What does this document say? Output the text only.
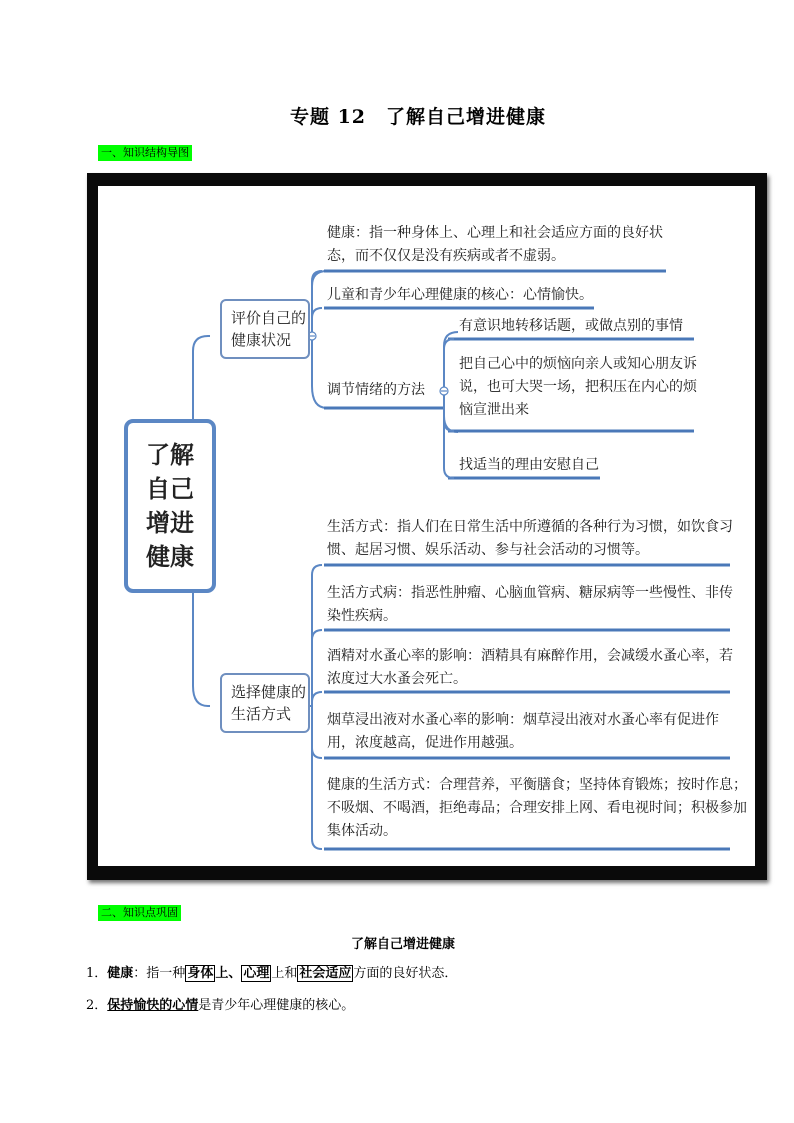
专题 12　了解自己增进健康
一、知识结构导图
了解
自己
增进
健康
评价自己的
健康状况
选择健康的
生活方式
健康：指一种身体上、心理上和社会适应方面的良好状
态，而不仅仅是没有疾病或者不虚弱。
儿童和青少年心理健康的核心：心情愉快。
调节情绪的方法
有意识地转移话题，或做点别的事情
把自己心中的烦恼向亲人或知心朋友诉
说，也可大哭一场，把积压在内心的烦
恼宣泄出来
找适当的理由安慰自己
生活方式：指人们在日常生活中所遵循的各种行为习惯，如饮食习
惯、起居习惯、娱乐活动、参与社会活动的习惯等。
生活方式病：指恶性肿瘤、心脑血管病、糖尿病等一些慢性、非传
染性疾病。
酒精对水蚤心率的影响：酒精具有麻醉作用，会减缓水蚤心率，若
浓度过大水蚤会死亡。
烟草浸出液对水蚤心率的影响：烟草浸出液对水蚤心率有促进作
用，浓度越高，促进作用越强。
健康的生活方式：合理营养，平衡膳食；坚持体育锻炼；按时作息；
不吸烟、不喝酒，拒绝毒品；合理安排上网、看电视时间；积极参加
集体活动。
二、知识点巩固
了解自己增进健康
1．健康：指一种 身体 上、 心理 上和 社会适应 方面的良好状态．
2．保持愉快的心情是青少年心理健康的核心。
